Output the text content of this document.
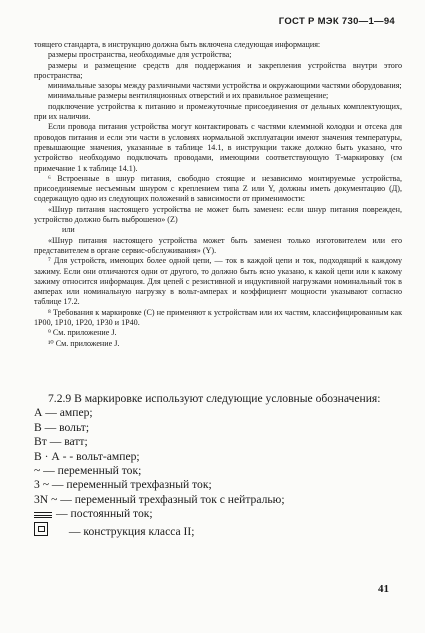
ГОСТ Р МЭК 730—1—94

тоящего стандарта, в инструкцию должна быть включена следующая информация:

размеры пространства, необходимые для устройства;

размеры и размещение средств для поддержания и закрепления устройства внутри этого пространства;

минимальные зазоры между различными частями устройства и окружающими частями оборудования;

минимальные размеры вентиляционных отверстий и их правильное размещение;

подключение устройства к питанию и промежуточные присоединения от дельных комплектующих, при их наличии.

Если провода питания устройства могут контактировать с частями клеммной колодки и отсека для проводов питания и если эти части в условиях нормальной эксплуатации имеют значения температуры, превышающие значения, указанные в таблице 14.1, в инструкции также должно быть указано, что устройство необходимо подключать проводами, имеющими соответствующую Т-маркировку (см примечание 1 к таблице 14.1).

⁶ Встроенные в шнур питания, свободно стоящие и независимо монтируемые устройства, присоединяемые несъемным шнуром с креплением типа Z или Y, должны иметь документацию (Д), содержащую одно из следующих положений в зависимости от применимости:

«Шнур питания настоящего устройства не может быть заменен: если шнур питания поврежден, устройство должно быть выброшено» (Z)

или

«Шнур питания настоящего устройства может быть заменен только изготовителем или его представителем в органе сервис-обслуживания» (Y).

⁷ Для устройств, имеющих более одной цепи, — ток в каждой цепи и ток, подходящий к каждому зажиму. Если они отличаются одни от другого, то должно быть ясно указано, к какой цепи или к какому зажиму относится информация. Для цепей с резистивной и индуктивной нагрузками номинальный ток в амперах или номинальную нагрузку в вольт-амперах и коэффициент мощности указывают согласно таблице 17.2.

⁸ Требования к маркировке (С) не применяют к устройствам или их частям, классифицированным как 1Р00, 1Р10, 1Р20, 1Р30 и 1Р40.

⁹ См. приложение J.

¹⁰ См. приложение J.

7.2.9 В маркировке используют следующие условные обозначения:

А — ампер;

В — вольт;

Вт — ватт;

В · А - - вольт-ампер;

~ — переменный ток;

3 ~ — переменный трехфазный ток;

3N ~ — переменный трехфазный ток с нейтралью;

— постоянный ток;

— конструкция класса II;

41
